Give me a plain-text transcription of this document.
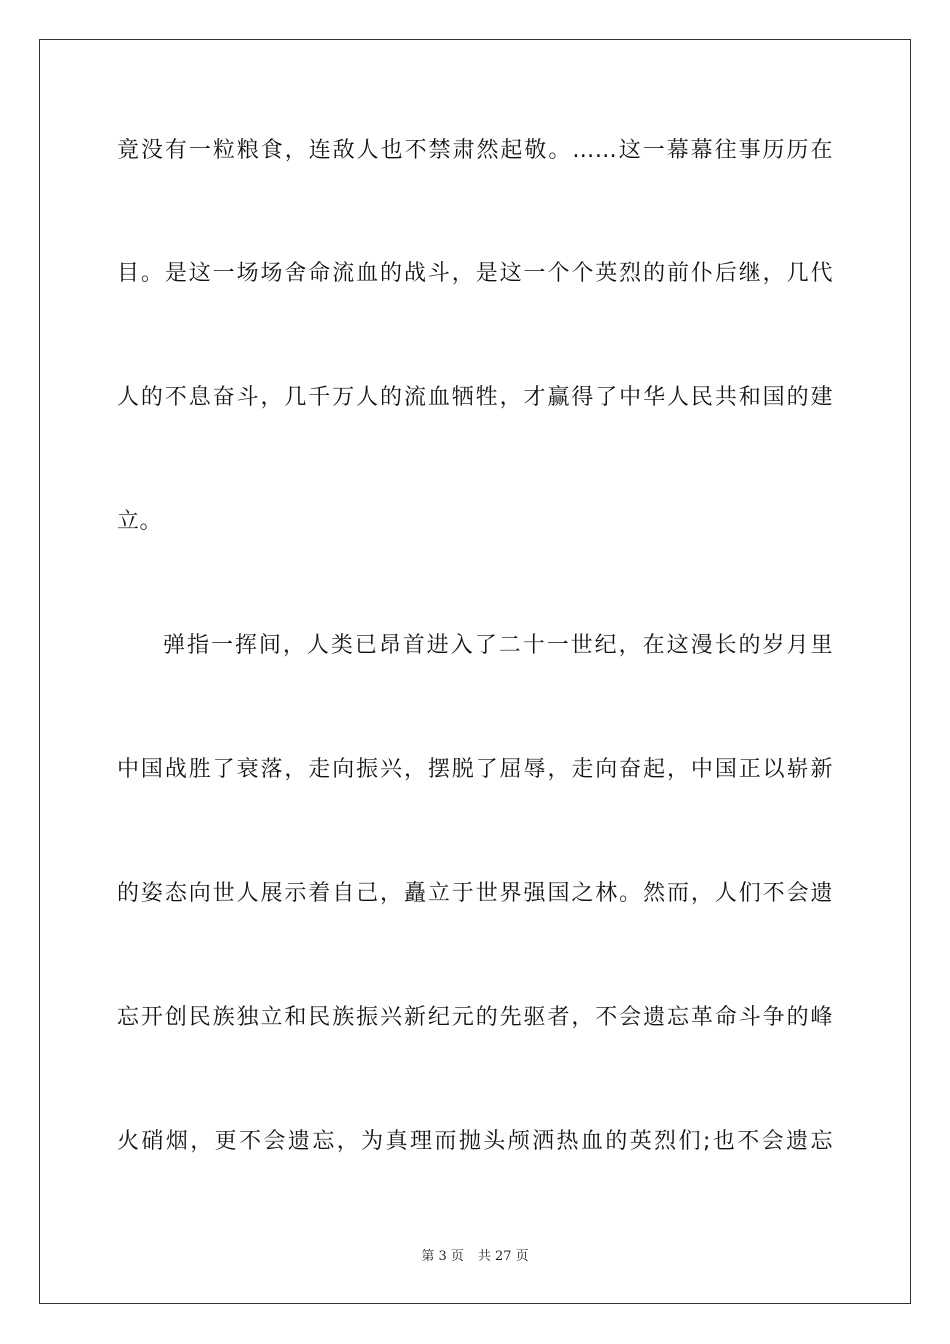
竟没有一粒粮食，连敌人也不禁肃然起敬。……这一幕幕往事历历在
目。是这一场场舍命流血的战斗，是这一个个英烈的前仆后继，几代
人的不息奋斗，几千万人的流血牺牲，才赢得了中华人民共和国的建
立。
弹指一挥间，人类已昂首进入了二十一世纪，在这漫长的岁月里
中国战胜了衰落，走向振兴，摆脱了屈辱，走向奋起，中国正以崭新
的姿态向世人展示着自己，矗立于世界强国之林。然而，人们不会遗
忘开创民族独立和民族振兴新纪元的先驱者，不会遗忘革命斗争的峰
火硝烟，更不会遗忘，为真理而抛头颅洒热血的英烈们;也不会遗忘
第 3 页 共 27 页
